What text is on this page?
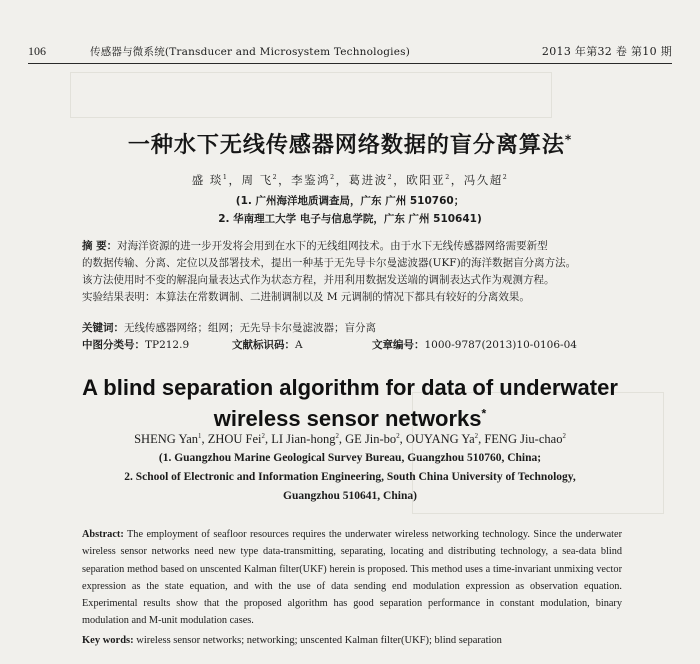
106	传感器与微系统(Transducer and Microsystem Technologies)	2013 年第32 卷 第10 期
一种水下无线传感器网络数据的盲分离算法*
盛 琰$^1$，周 飞$^2$，李鉴鸿$^2$，葛进波$^2$，欧阳亚$^2$，冯久超$^2$
(1. 广州海洋地质调查局，广东 广州 510760；
2. 华南理工大学 电子与信息学院，广东 广州 510641)
摘 要：对海洋资源的进一步开发将会用到在水下的无线组网技术。由于水下无线传感器网络需要新型
的数据传输、分离、定位以及部署技术，提出一种基于无先导卡尔曼滤波器(UKF)的海洋数据盲分离方法。
该方法使用时不变的解混向量表达式作为状态方程，并用利用数据发送端的调制表达式作为观测方程。
实验结果表明：本算法在常数调制、二进制调制以及 M 元调制的情况下都具有较好的分离效果。
关键词：无线传感器网络；组网；无先导卡尔曼滤波器；盲分离
中图分类号：TP212.9	文献标识码：A	文章编号：1000-9787(2013)10-0106-04
A blind separation algorithm for data of underwater
wireless sensor networks*
SHENG Yan$^1$, ZHOU Fei$^2$, LI Jian-hong$^2$, GE Jin-$bo^2$, OUYANG Ya$^2$, FENG Jiu-chao$^2$
(1. Guangzhou Marine Geological Survey Bureau, Guangzhou 510760, China;
2. School of Electronic and Information Engineering, South China University of Technology,
Guangzhou 510641, China)
Abstract: The employment of seafloor resources requires the underwater wireless networking technology. Since the underwater wireless sensor networks need new type data-transmitting, separating, locating and distributing technology, a sea-data blind separation method based on unscented Kalman filter(UKF) herein is proposed. This method uses a time-invariant unmixing vector expression as the state equation, and with the use of data sending end modulation expression as observation equation. Experimental results show that the proposed algorithm has good separation performance in constant modulation, binary modulation and M-unit modulation cases.
Key words: wireless sensor networks; networking; unscented Kalman filter(UKF); blind separation
